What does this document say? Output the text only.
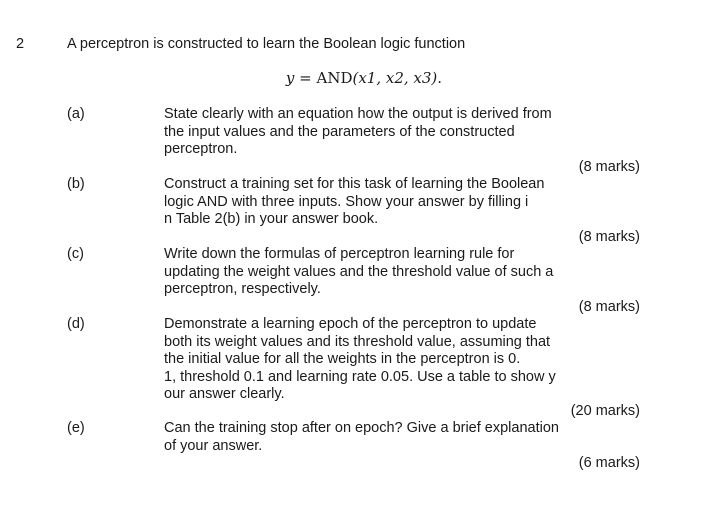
2	A perceptron is constructed to learn the Boolean logic function
y = AND(x1, x2, x3).
(a)	State clearly with an equation how the output is derived from
the input values and the parameters of the constructed
perceptron.
(8 marks)
(b)	Construct a training set for this task of learning the Boolean
logic AND with three inputs. Show your answer by filling i
n Table 2(b) in your answer book.
(8 marks)
(c)	Write down the formulas of perceptron learning rule for
updating the weight values and the threshold value of such a
perceptron, respectively.
(8 marks)
(d)	Demonstrate a learning epoch of the perceptron to update
both its weight values and its threshold value, assuming that
the initial value for all the weights in the perceptron is 0.
1, threshold 0.1 and learning rate 0.05. Use a table to show y
our answer clearly.
(20 marks)
(e)	Can the training stop after on epoch? Give a brief explanation
of your answer.
(6 marks)
